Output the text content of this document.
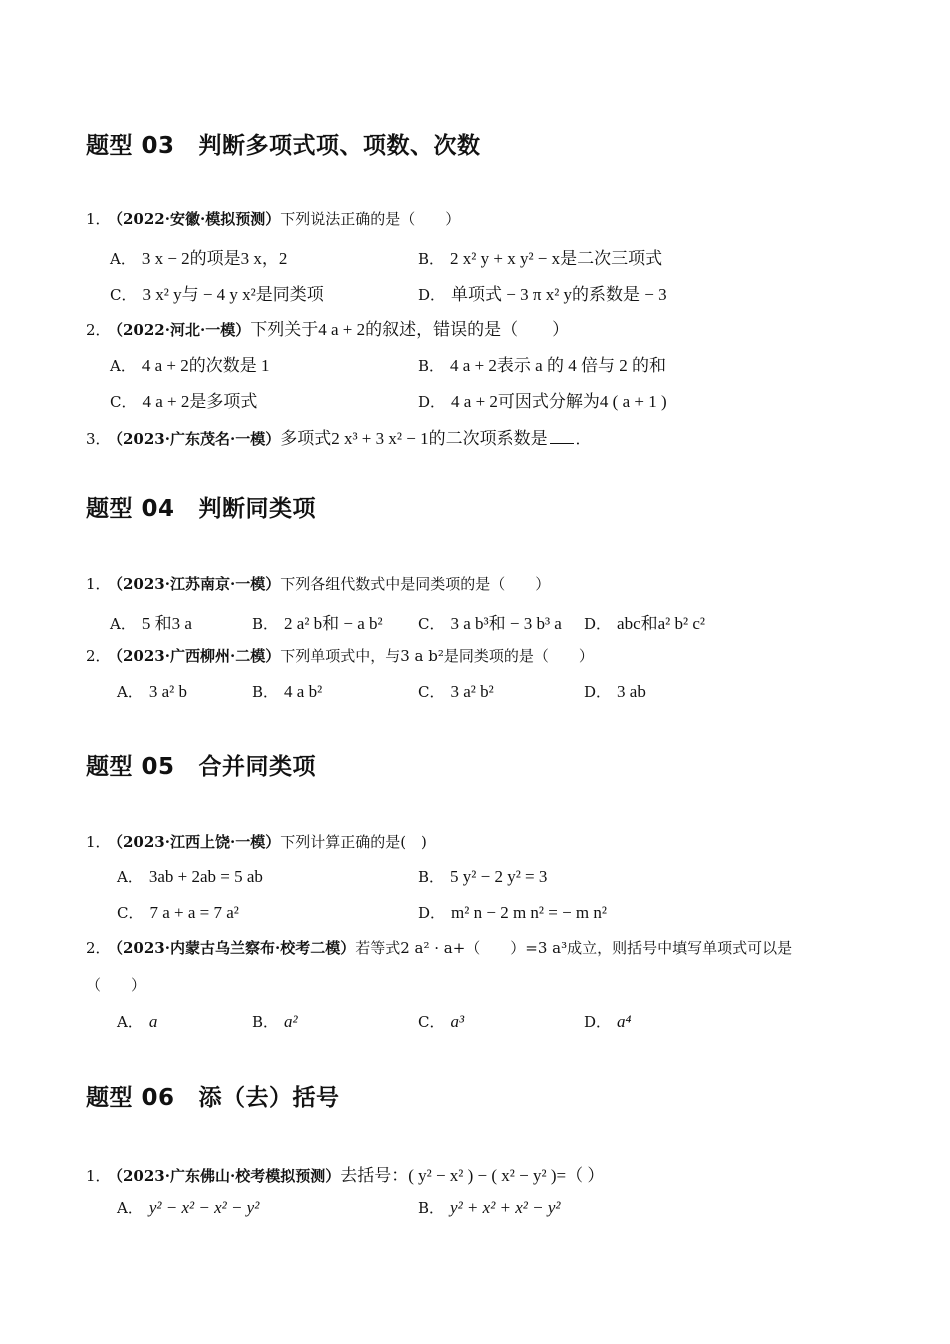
题型 03 判断多项式项、项数、次数
1．（2022·安徽·模拟预测）下列说法正确的是（　　）
A． 3 x − 2的项是3 x，2	B． 2 x² y + x y² − x是二次三项式
C． 3 x² y与 − 4 y x²是同类项	D． 单项式 − 3 π x² y的系数是 − 3
2．（2022·河北·一模）下列关于4 a + 2的叙述，错误的是（　　）
A． 4 a + 2的次数是 1	B． 4 a + 2表示 a 的 4 倍与 2 的和
C． 4 a + 2是多项式	D． 4 a + 2可因式分解为4 ( a + 1 )
3．（2023·广东茂名·一模）多项式2 x³ + 3 x² − 1的二次项系数是 ．
题型 04 判断同类项
1．（2023·江苏南京·一模）下列各组代数式中是同类项的是（　　）
A． 5 和3 a	B． 2 a² b和 − a b² C． 3 a b³和 − 3 b³ a D． abc和a² b² c²
2．（2023·广西柳州·二模）下列单项式中，与3 a b²是同类项的是（　　）
A． 3 a² b	B． 4 a b²	C． 3 a² b²	D． 3 ab
题型 05 合并同类项
1．（2023·江西上饶·一模）下列计算正确的是(　)
A． 3ab + 2ab = 5 ab	B． 5 y² − 2 y² = 3
C． 7 a + a = 7 a²	D． m² n − 2 m n² = − m n²
2．（2023·内蒙古乌兰察布·校考二模）若等式2 a² · a+（　　）=3 a³成立，则括号中填写单项式可以是
（　　）
A． a	B． a²	C． a³	D． a⁴
题型 06 添（去）括号
1．（2023·广东佛山·校考模拟预测）去括号：( y² − x² ) − ( x² − y² )=（ ）
A． y² − x² − x² − y²	B． y² + x² + x² − y²
